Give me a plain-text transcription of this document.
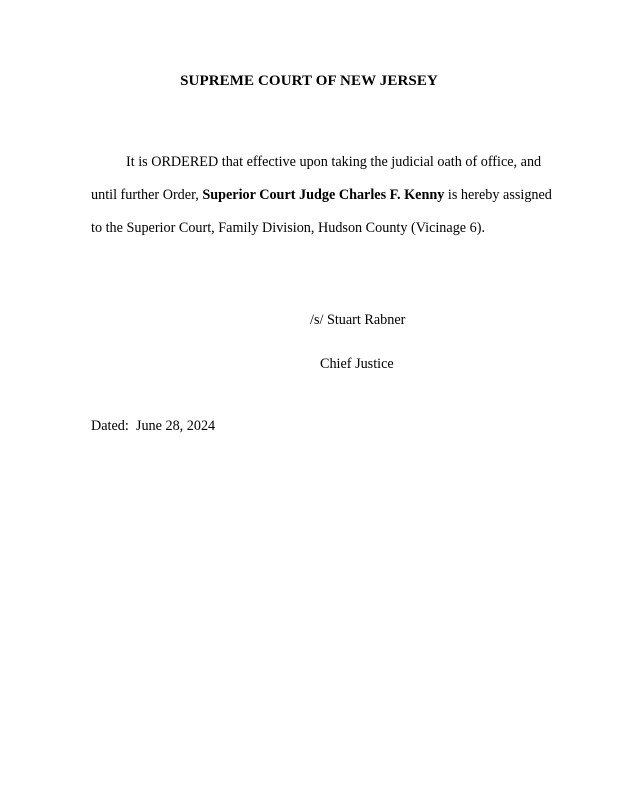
SUPREME COURT OF NEW JERSEY

It is ORDERED that effective upon taking the judicial oath of office, and
until further Order, Superior Court Judge Charles F. Kenny is hereby assigned
to the Superior Court, Family Division, Hudson County (Vicinage 6).

/s/ Stuart Rabner
Chief Justice
Dated: June 28, 2024
